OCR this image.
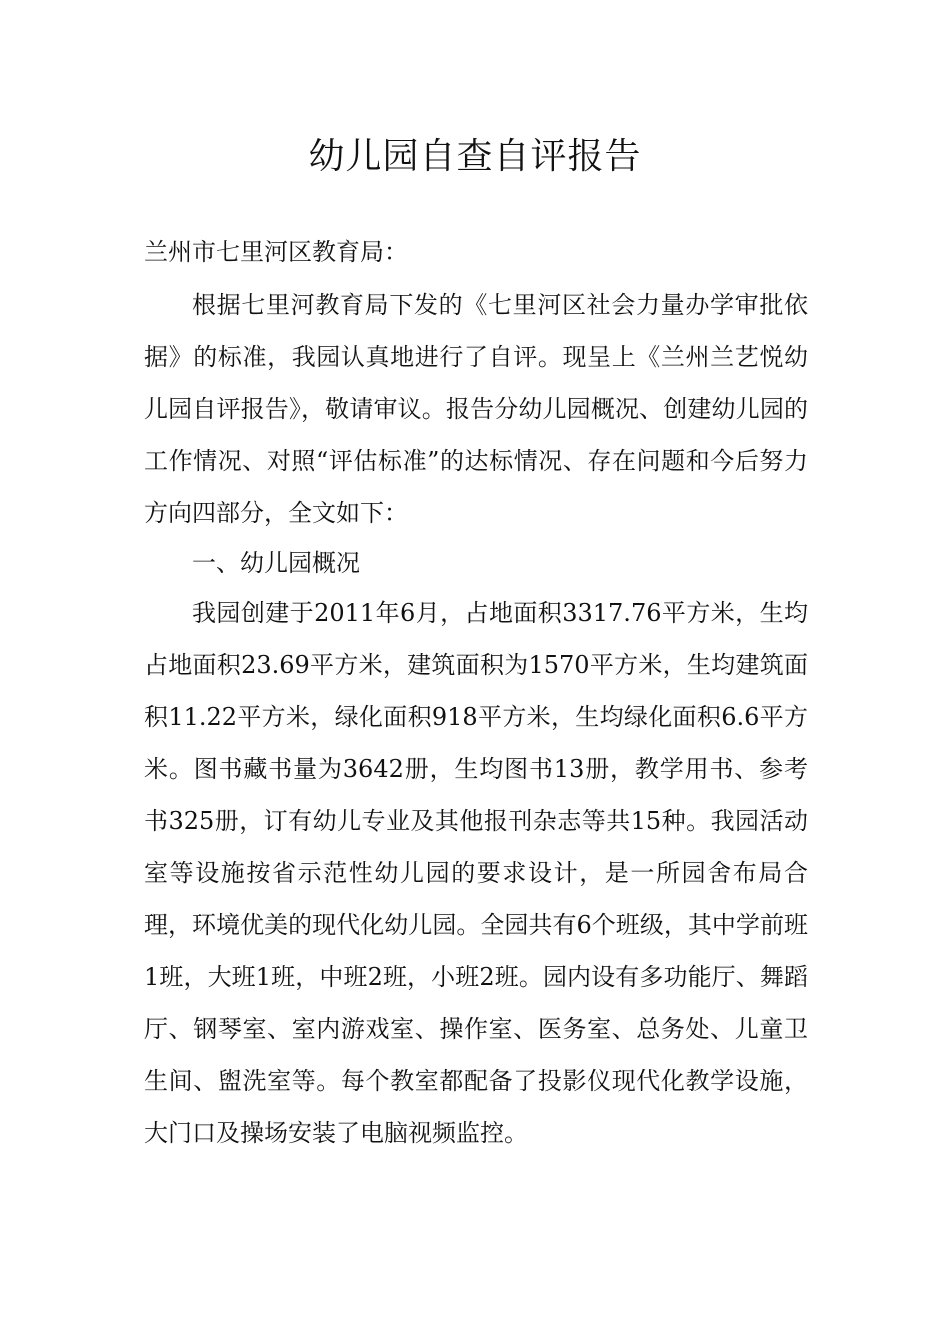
幼儿园自查自评报告

兰州市七里河区教育局：

根据七里河教育局下发的《七里河区社会力量办学审批依据》的标准，我园认真地进行了自评。现呈上《兰州兰艺悦幼儿园自评报告》，敬请审议。报告分幼儿园概况、创建幼儿园的工作情况、对照“评估标准”的达标情况、存在问题和今后努力方向四部分，全文如下：

一、幼儿园概况

我园创建于2011年6月，占地面积3317.76平方米，生均占地面积23.69平方米，建筑面积为1570平方米，生均建筑面积11.22平方米，绿化面积918平方米，生均绿化面积6.6平方米。图书藏书量为3642册，生均图书13册，教学用书、参考书325册，订有幼儿专业及其他报刊杂志等共15种。我园活动室等设施按省示范性幼儿园的要求设计，是一所园舍布局合理，环境优美的现代化幼儿园。全园共有6个班级，其中学前班1班，大班1班，中班2班，小班2班。园内设有多功能厅、舞蹈厅、钢琴室、室内游戏室、操作室、医务室、总务处、儿童卫生间、盥洗室等。每个教室都配备了投影仪现代化教学设施，大门口及操场安装了电脑视频监控。
